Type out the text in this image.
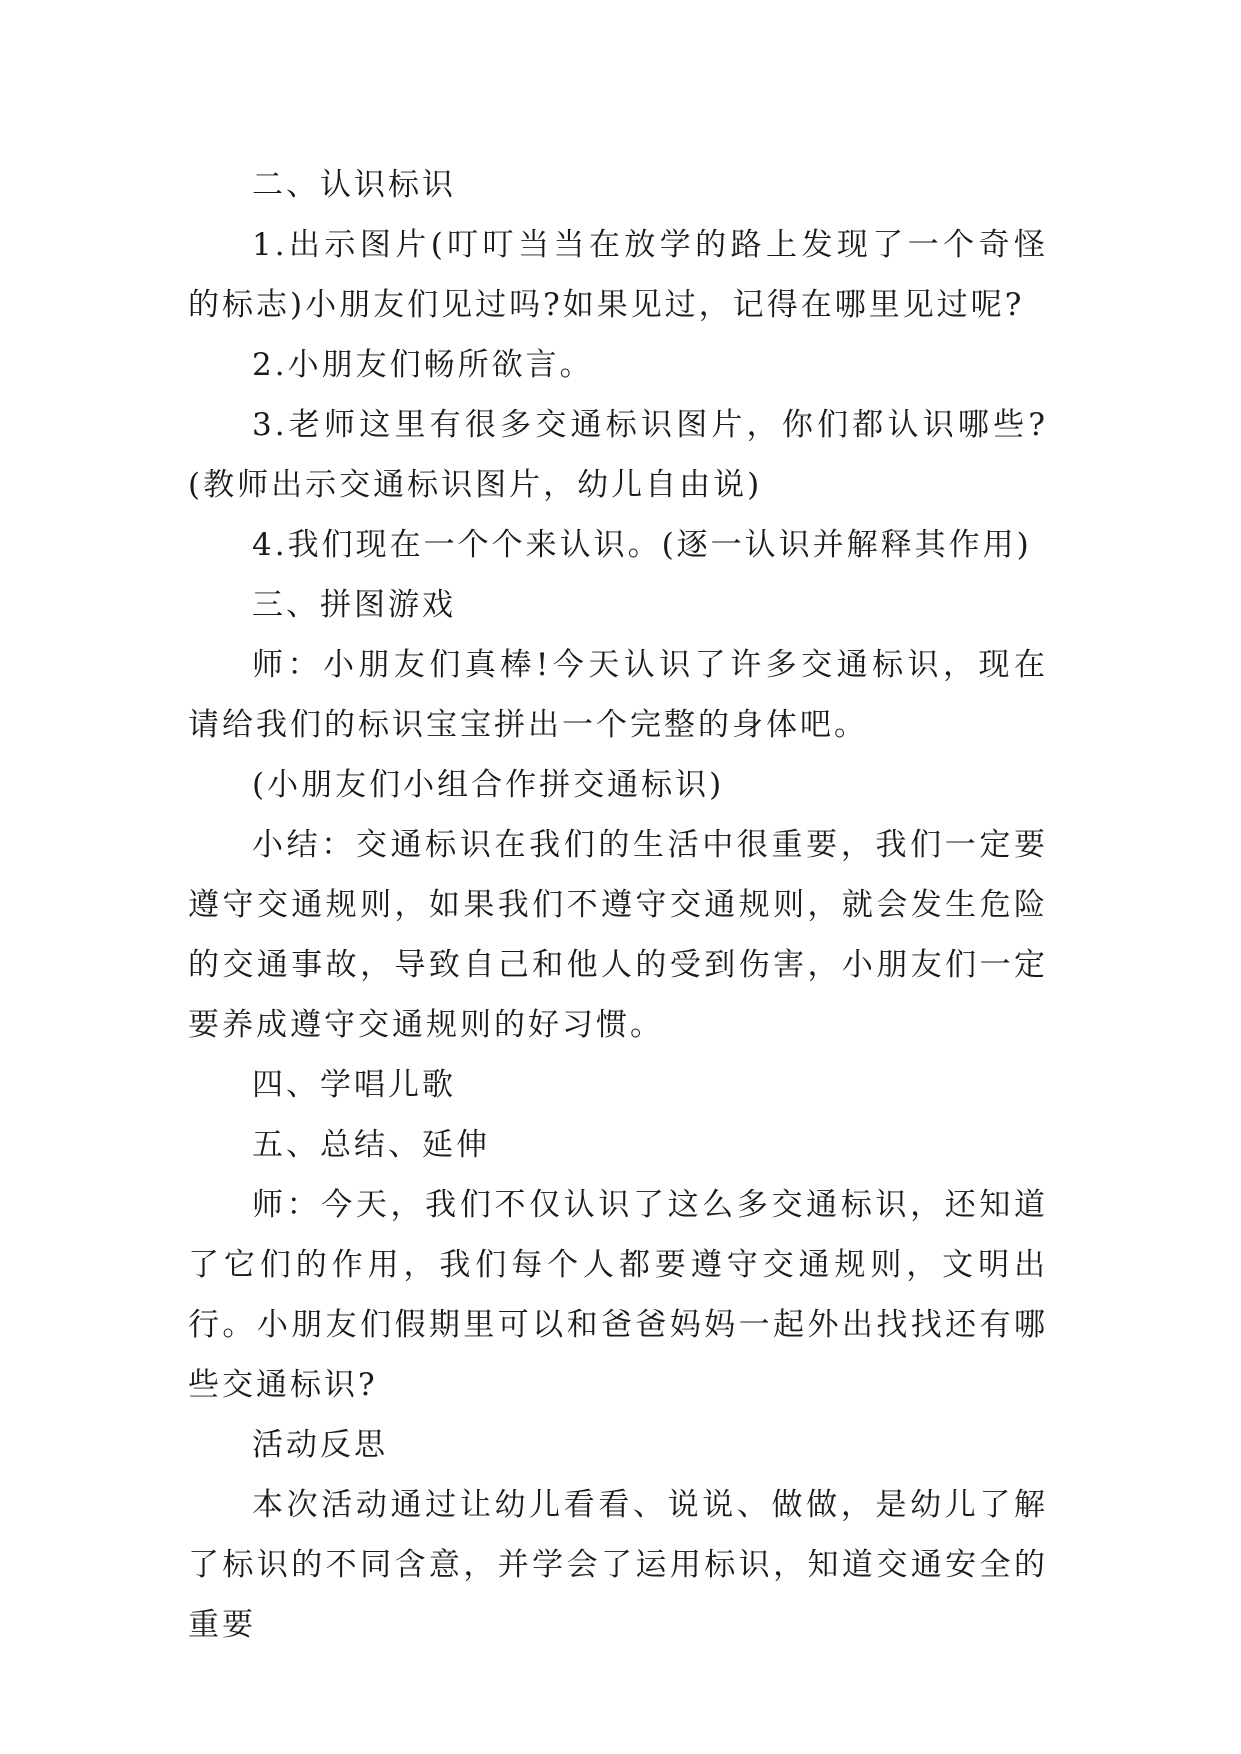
二、认识标识

1.出示图片(叮叮当当在放学的路上发现了一个奇怪的标志)小朋友们见过吗?如果见过，记得在哪里见过呢?

2.小朋友们畅所欲言。

3.老师这里有很多交通标识图片，你们都认识哪些?(教师出示交通标识图片，幼儿自由说)

4.我们现在一个个来认识。(逐一认识并解释其作用)

三、拼图游戏

师：小朋友们真棒!今天认识了许多交通标识，现在请给我们的标识宝宝拼出一个完整的身体吧。

(小朋友们小组合作拼交通标识)

小结：交通标识在我们的生活中很重要，我们一定要遵守交通规则，如果我们不遵守交通规则，就会发生危险的交通事故，导致自己和他人的受到伤害，小朋友们一定要养成遵守交通规则的好习惯。

四、学唱儿歌

五、总结、延伸

师：今天，我们不仅认识了这么多交通标识，还知道了它们的作用，我们每个人都要遵守交通规则，文明出行。小朋友们假期里可以和爸爸妈妈一起外出找找还有哪些交通标识?

活动反思

本次活动通过让幼儿看看、说说、做做，是幼儿了解了标识的不同含意，并学会了运用标识，知道交通安全的重要
